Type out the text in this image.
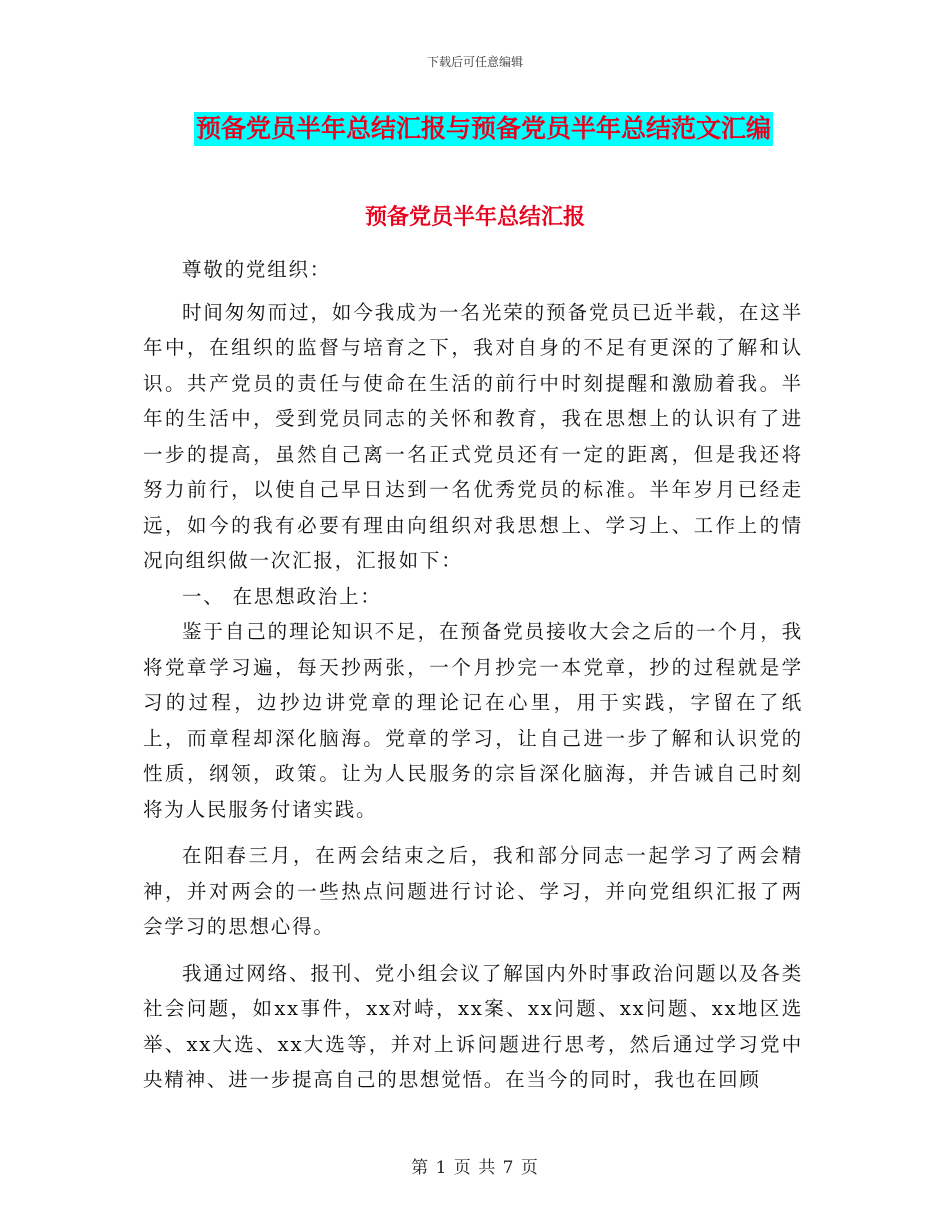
下载后可任意编辑
预备党员半年总结汇报与预备党员半年总结范文汇编
预备党员半年总结汇报

尊敬的党组织：

时间匆匆而过，如今我成为一名光荣的预备党员已近半载，在这半年中，在组织的监督与培育之下，我对自身的不足有更深的了解和认识。共产党员的责任与使命在生活的前行中时刻提醒和激励着我。半年的生活中，受到党员同志的关怀和教育，我在思想上的认识有了进一步的提高，虽然自己离一名正式党员还有一定的距离，但是我还将努力前行，以使自己早日达到一名优秀党员的标准。半年岁月已经走远，如今的我有必要有理由向组织对我思想上、学习上、工作上的情况向组织做一次汇报，汇报如下：

一、 在思想政治上：

鉴于自己的理论知识不足，在预备党员接收大会之后的一个月，我将党章学习遍，每天抄两张，一个月抄完一本党章，抄的过程就是学习的过程，边抄边讲党章的理论记在心里，用于实践，字留在了纸上，而章程却深化脑海。党章的学习，让自己进一步了解和认识党的性质，纲领，政策。让为人民服务的宗旨深化脑海，并告诫自己时刻将为人民服务付诸实践。

在阳春三月，在两会结束之后，我和部分同志一起学习了两会精神，并对两会的一些热点问题进行讨论、学习，并向党组织汇报了两会学习的思想心得。

我通过网络、报刊、党小组会议了解国内外时事政治问题以及各类社会问题，如xx事件，xx对峙，xx案、xx问题、xx问题、xx地区选举、xx大选、xx大选等，并对上诉问题进行思考，然后通过学习党中央精神、进一步提高自己的思想觉悟。在当今的同时，我也在回顾

第 1 页 共 7 页
